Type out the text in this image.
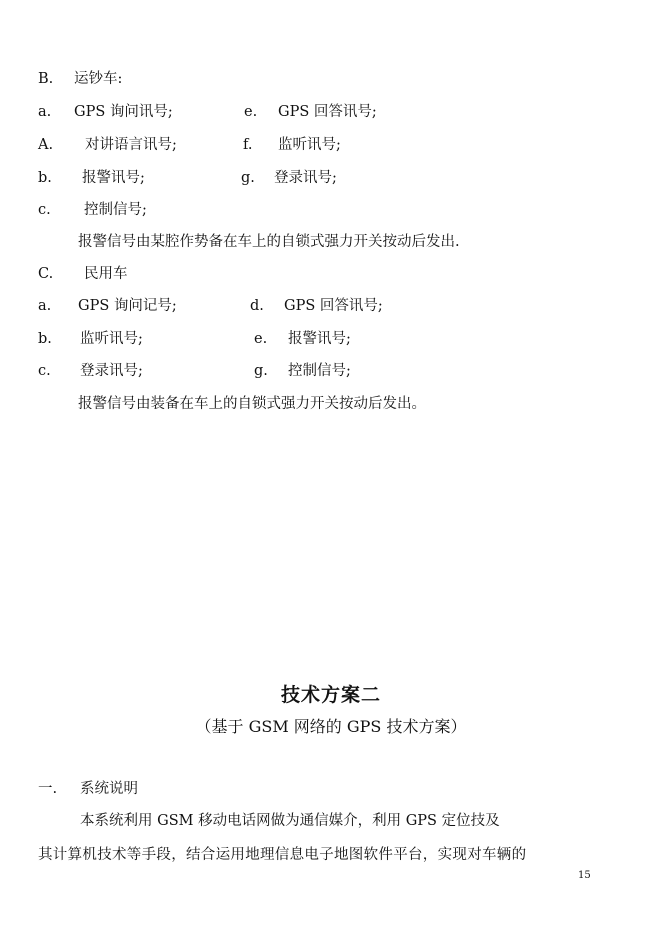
B. 运钞车:
a. GPS 询问讯号;	e. GPS 回答讯号;
A. 对讲语言讯号;	f. 监听讯号;
b. 报警讯号;	g. 登录讯号;
c. 控制信号;
报警信号由某腔作势备在车上的自锁式强力开关按动后发出.
C. 民用车
a. GPS 询问记号;	d. GPS 回答讯号;
b. 监听讯号;	e. 报警讯号;
c. 登录讯号;	g. 控制信号;
报警信号由装备在车上的自锁式强力开关按动后发出。
技术方案二
（基于 GSM 网络的 GPS 技术方案）
一. 系统说明
本系统利用 GSM 移动电话网做为通信媒介，利用 GPS 定位技及
其计算机技术等手段，结合运用地理信息电子地图软件平台，实现对车辆的
15
